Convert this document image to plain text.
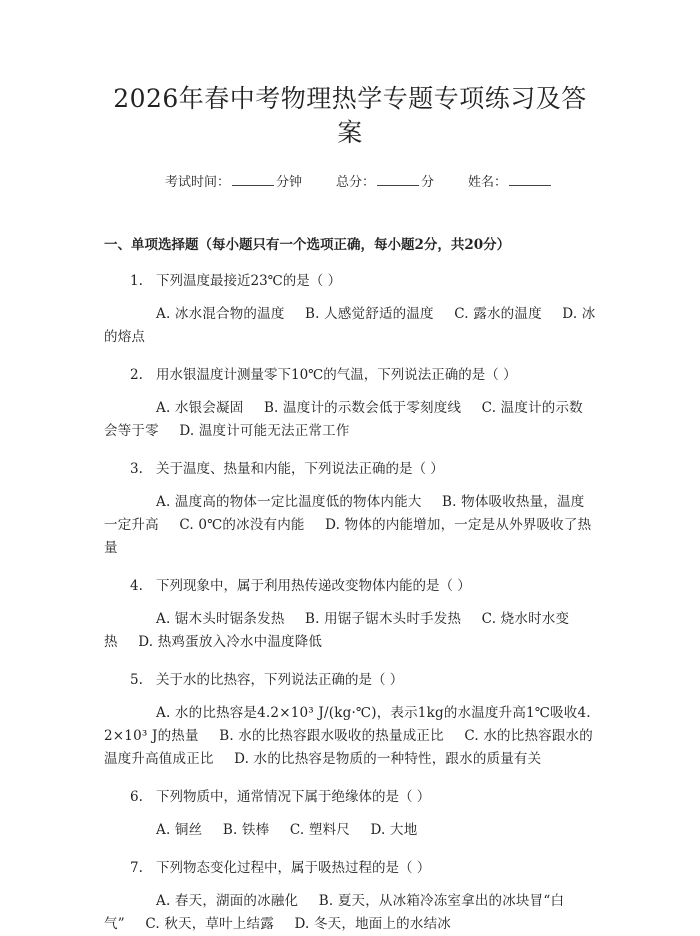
2026年春中考物理热学专题专项练习及答案
考试时间：	分钟	总分：	分	姓名：
一、单项选择题（每小题只有一个选项正确，每小题2分，共20分）
1. 下列温度最接近23℃的是（ ）
A. 冰水混合物的温度 B. 人感觉舒适的温度 C. 露水的温度 D. 冰的熔点
2. 用水银温度计测量零下10℃的气温，下列说法正确的是（ ）
A. 水银会凝固 B. 温度计的示数会低于零刻度线 C. 温度计的示数会等于零 D. 温度计可能无法正常工作
3. 关于温度、热量和内能，下列说法正确的是（ ）
A. 温度高的物体一定比温度低的物体内能大 B. 物体吸收热量，温度一定升高 C. 0℃的冰没有内能 D. 物体的内能增加，一定是从外界吸收了热量
4. 下列现象中，属于利用热传递改变物体内能的是（ ）
A. 锯木头时锯条发热 B. 用锯子锯木头时手发热 C. 烧水时水变热 D. 热鸡蛋放入冷水中温度降低
5. 关于水的比热容，下列说法正确的是（ ）
A. 水的比热容是4.2×10³ J/(kg·℃)，表示1kg的水温度升高1℃吸收4.2×10³ J的热量 B. 水的比热容跟水吸收的热量成正比 C. 水的比热容跟水的温度升高值成正比 D. 水的比热容是物质的一种特性，跟水的质量有关
6. 下列物质中，通常情况下属于绝缘体的是（ ）
A. 铜丝 B. 铁棒 C. 塑料尺 D. 大地
7. 下列物态变化过程中，属于吸热过程的是（ ）
A. 春天，湖面的冰融化 B. 夏天，从冰箱冷冻室拿出的冰块冒“白气” C. 秋天，草叶上结露 D. 冬天，地面上的水结冰
